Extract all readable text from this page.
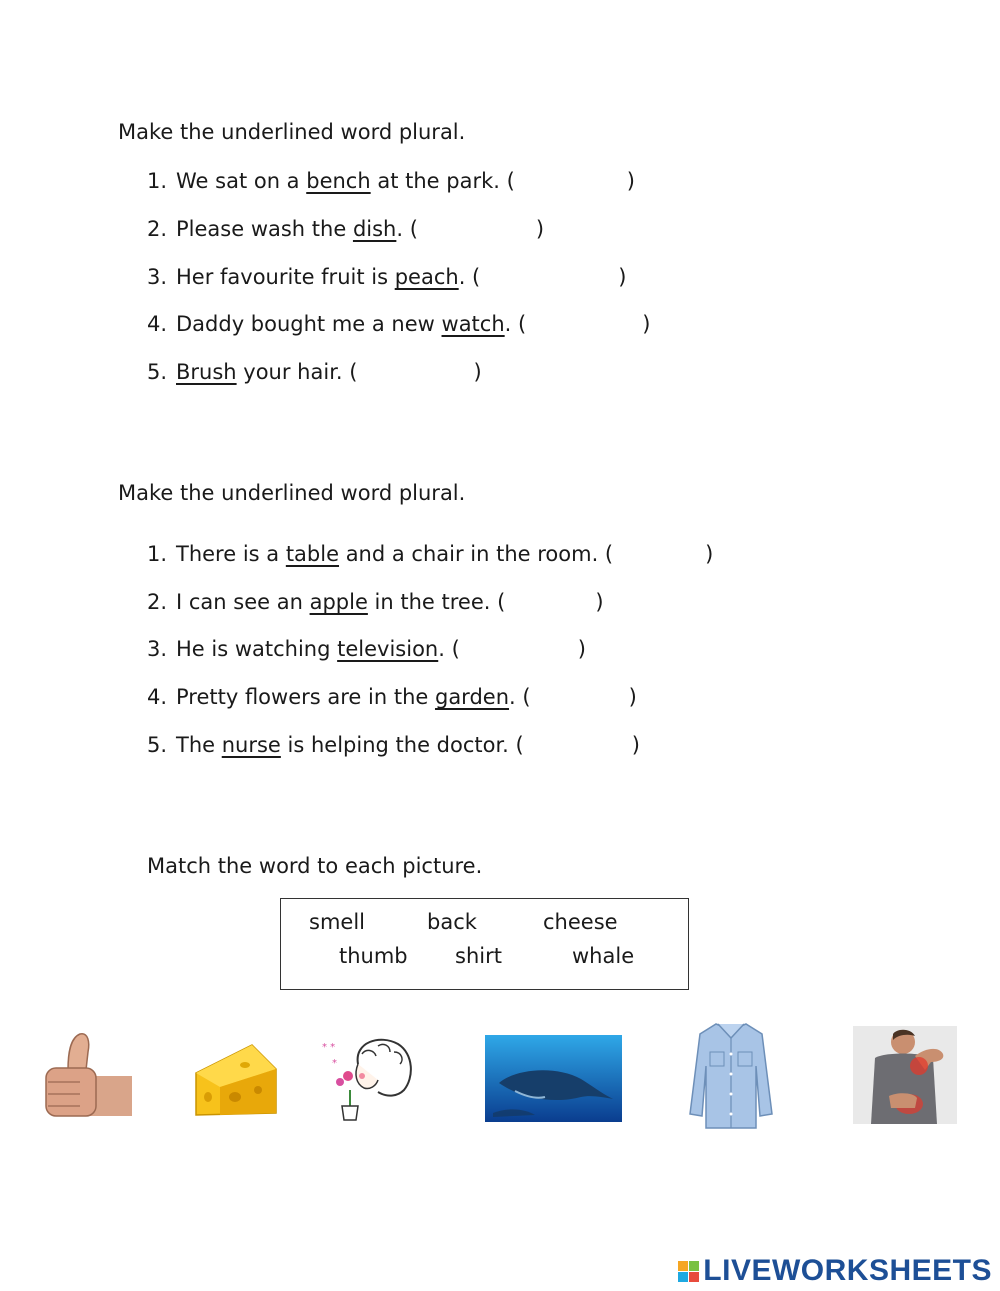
Make the underlined word plural.
1. We sat on a bench at the park. (	)
2. Please wash the dish. (	)
3. Her favourite fruit is peach. (	)
4. Daddy bought me a new watch. (	)
5. Brush your hair. (	)
Make the underlined word plural.
1. There is a table and a chair in the room. (	)
2. I can see an apple in the tree. (	)
3. He is watching television. (	)
4. Pretty flowers are in the garden. (	)
5. The nurse is helping the doctor. (	)
Match the word to each picture.
smell	back	cheese
thumb shirt	whale
* *
*
LIVEWORKSHEETS
